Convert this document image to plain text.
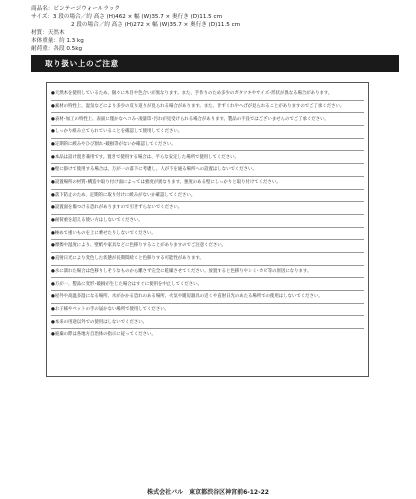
商品名：ビンテージウォールラック
サイズ：3 段の場合／約 高さ (H)462 × 幅 (W)35.7 × 奥行き (D)11.5 cm
2 段の場合／約 高さ (H)272 × 幅 (W)35.7 × 奥行き (D)11.5 cm
材質：天然木
本体重量：約 1.3 kg
耐荷重：各段 0.5kg
取り扱い上のご注意
●天然木を使用しているため、個々に木目や色合いが異なります。また、手作りのため多少のガタツキやサイズ･形状が異なる場合があります。
●素材の特性上、湿気などにより多少の反り返りが見られる場合があります。また、きずくれやヘげが見られることがありますのでご了承ください。
●表材･加工の特性上、表面に僅かなヘコみ･凌量印･汚れが見受けられる場合があります。製品の不良ではございませんのでご了承ください。
●しっかり組み立てられていることを確認して使用してください。
●定期的に緩みやひび割れ･破損等がないか確認してください。
●本品は設け置き兼用です。置きで使用する場合は、平らな安定した場所で使用してください。
●壁に掛けて使用する場合は、万が一の落下に考慮し、人が下を通る場所への設置はしないでください。
●設置場所の材質･構造や取り付け面によっては強度が異なります。強度のある壁にしっかりと取り付けてください。
●落下防止のため、定期的に取り付けに緩みがないか確認してください。
●設置面を傷つける恐れがありますので引きずらないでください。
●耐荷重を超える使い方はしないでください。
●極めて重いものを上に乗せたりしないでください。
●摩擦や湿度により、壁紙や家具などに色移りすることがありますのでご注意ください。
●直射日光により変色した状態が長期間続くと色移りする可能性があります。
●水に濡れた場合は色移りしそうなものから離さず完全に乾燥させてください。放置すると色移りやシミ･カビ等の原因になります。
●万が一、製品に変形･破損が生じた場合はすぐに使用を中止してください。
●屋外や高温多湿になる場所、水がかかる恐れのある場所、火気や暖房器具の近くや直射日光のあたる場所での使用はしないでください。
●お子様やペットの手の届かない場所で使用してください。
●本来の用途以外での使用はしないでください。
●廃棄の際は各地方自治体の指示に従ってください。
株式会社バル　東京都渋谷区神宮前6-12-22
